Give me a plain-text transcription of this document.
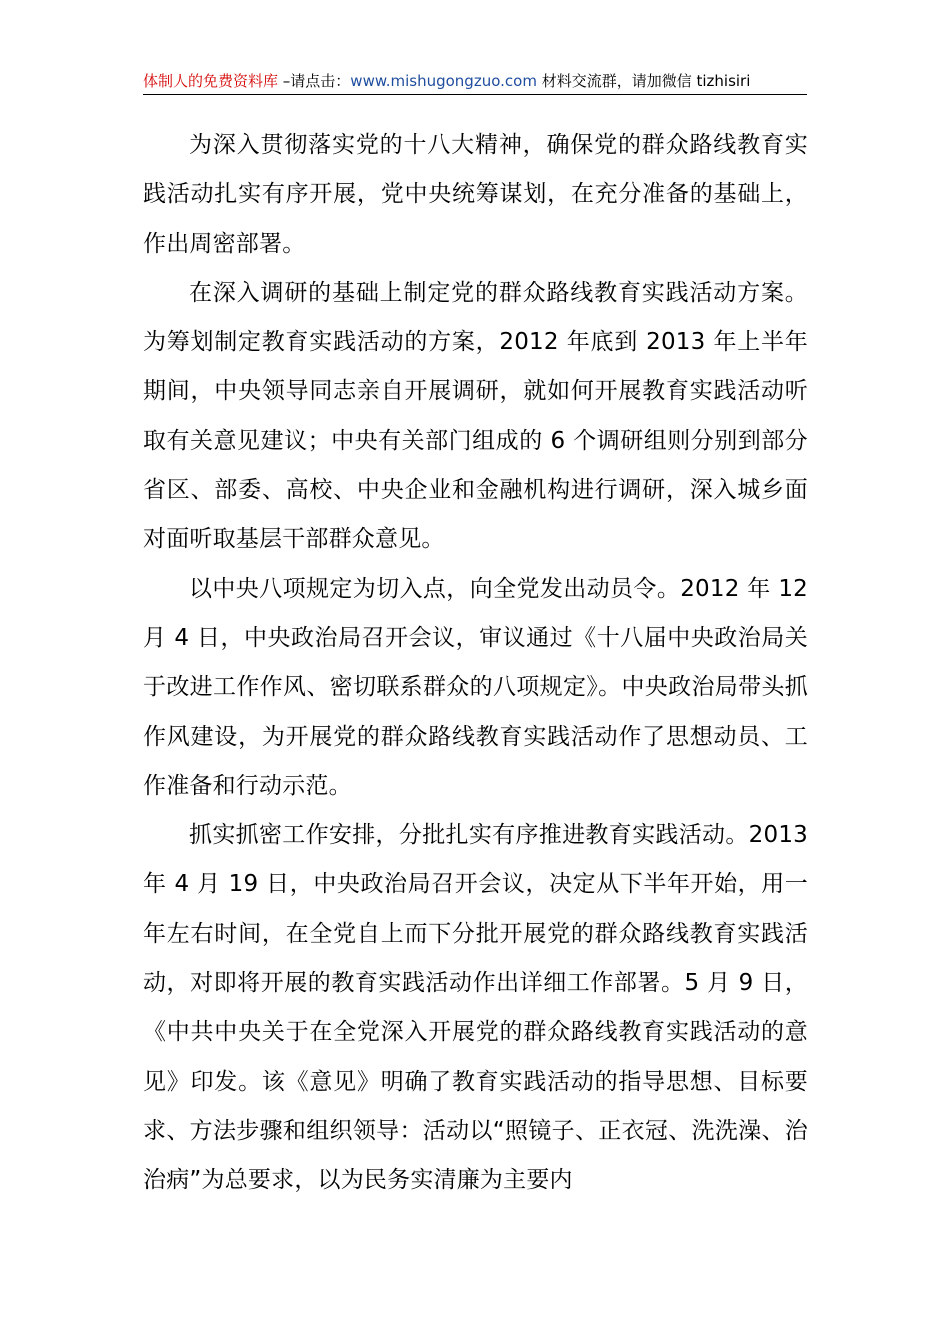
体制人的免费资料库 –请点击：www.mishugongzuo.com 材料交流群，请加微信 tizhisiri

为深入贯彻落实党的十八大精神，确保党的群众路线教育实践活动扎实有序开展，党中央统筹谋划，在充分准备的基础上，作出周密部署。

在深入调研的基础上制定党的群众路线教育实践活动方案。为筹划制定教育实践活动的方案，2012 年底到 2013 年上半年期间，中央领导同志亲自开展调研，就如何开展教育实践活动听取有关意见建议；中央有关部门组成的 6 个调研组则分别到部分省区、部委、高校、中央企业和金融机构进行调研，深入城乡面对面听取基层干部群众意见。

以中央八项规定为切入点，向全党发出动员令。2012 年 12 月 4 日，中央政治局召开会议，审议通过《十八届中央政治局关于改进工作作风、密切联系群众的八项规定》。中央政治局带头抓作风建设，为开展党的群众路线教育实践活动作了思想动员、工作准备和行动示范。

抓实抓密工作安排，分批扎实有序推进教育实践活动。2013 年 4 月 19 日，中央政治局召开会议，决定从下半年开始，用一年左右时间，在全党自上而下分批开展党的群众路线教育实践活动，对即将开展的教育实践活动作出详细工作部署。5 月 9 日，《中共中央关于在全党深入开展党的群众路线教育实践活动的意见》印发。该《意见》明确了教育实践活动的指导思想、目标要求、方法步骤和组织领导：活动以“照镜子、正衣冠、洗洗澡、治治病”为总要求，以为民务实清廉为主要内
